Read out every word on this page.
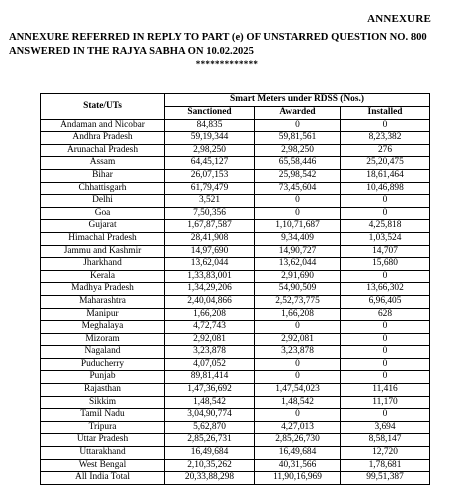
ANNEXURE
ANNEXURE REFERRED IN REPLY TO PART (e) OF UNSTARRED QUESTION NO. 800
ANSWERED IN THE RAJYA SABHA ON 10.02.2025
*************
State/UTs	Smart Meters under RDSS (Nos.)		
	Sanctioned	Awarded	Installed
Andaman and Nicobar	84,835	0	0
Andhra Pradesh	59,19,344	59,81,561	8,23,382
Arunachal Pradesh	2,98,250	2,98,250	276
Assam	64,45,127	65,58,446	25,20,475
Bihar	26,07,153	25,98,542	18,61,464
Chhattisgarh	61,79,479	73,45,604	10,46,898
Delhi	3,521	0	0
Goa	7,50,356	0	0
Gujarat	1,67,87,587	1,10,71,687	4,25,818
Himachal Pradesh	28,41,908	9,34,409	1,03,524
Jammu and Kashmir	14,97,690	14,90,727	14,707
Jharkhand	13,62,044	13,62,044	15,680
Kerala	1,33,83,001	2,91,690	0
Madhya Pradesh	1,34,29,206	54,90,509	13,66,302
Maharashtra	2,40,04,866	2,52,73,775	6,96,405
Manipur	1,66,208	1,66,208	628
Meghalaya	4,72,743	0	0
Mizoram	2,92,081	2,92,081	0
Nagaland	3,23,878	3,23,878	0
Puducherry	4,07,052	0	0
Punjab	89,81,414	0	0
Rajasthan	1,47,36,692	1,47,54,023	11,416
Sikkim	1,48,542	1,48,542	11,170
Tamil Nadu	3,04,90,774	0	0
Tripura	5,62,870	4,27,013	3,694
Uttar Pradesh	2,85,26,731	2,85,26,730	8,58,147
Uttarakhand	16,49,684	16,49,684	12,720
West Bengal	2,10,35,262	40,31,566	1,78,681
All India Total	20,33,88,298	11,90,16,969	99,51,387
